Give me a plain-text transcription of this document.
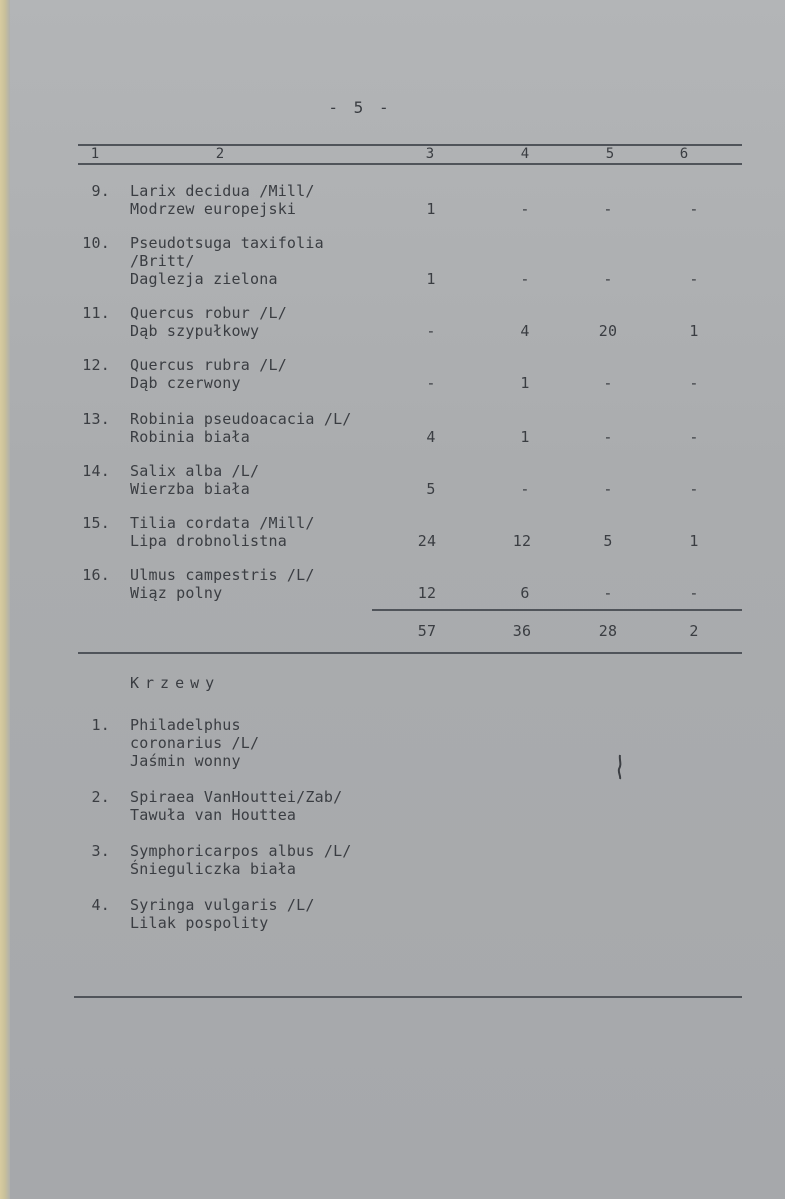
- 5 -
1	2	3	4	5	6
9. Larix decidua /Mill/
Modrzew europejski	1	-	-	-
10. Pseudotsuga taxifolia
/Britt/
Daglezja zielona	1	-	-	-
11. Quercus robur /L/
Dąb szypułkowy	-	4	20	1
12. Quercus rubra /L/
Dąb czerwony	-	1	-	-
13. Robinia pseudoacacia /L/
Robinia biała	4	1	-	-
14. Salix alba /L/
Wierzba biała	5	-	-	-
15. Tilia cordata /Mill/
Lipa drobnolistna	24	12	5	1
16. Ulmus campestris /L/
Wiąz polny	12	6	-	-
57	36	28	2
Krzewy
1. Philadelphus
coronarius /L/
Jaśmin wonny
2. Spiraea VanHouttei/Zab/
Tawuła van Houttea
3. Symphoricarpos albus /L/
Śnieguliczka biała
4. Syringa vulgaris /L/
Lilak pospolity
